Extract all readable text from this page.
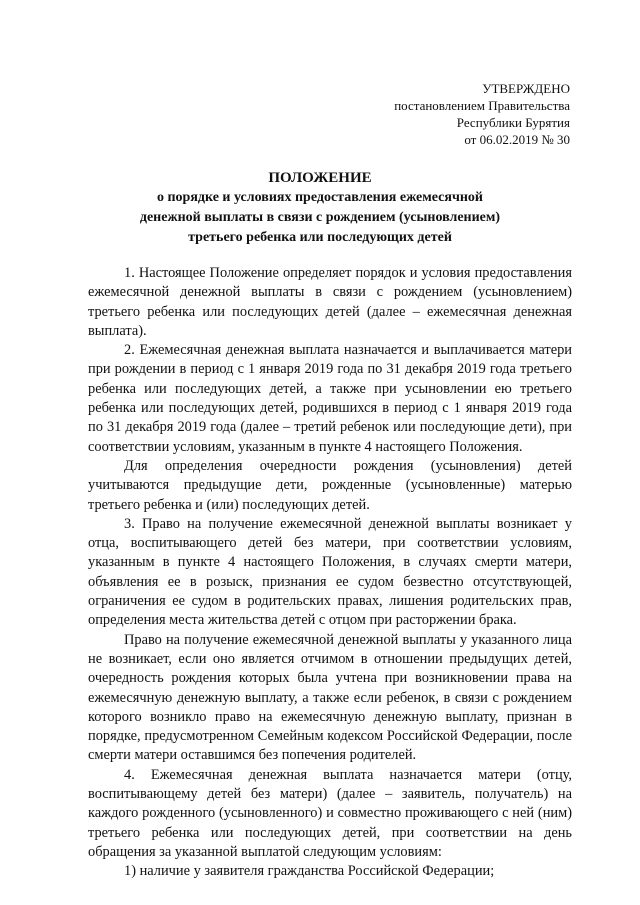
УТВЕРЖДЕНО
постановлением Правительства
Республики Бурятия
от 06.02.2019 № 30
ПОЛОЖЕНИЕ
о порядке и условиях предоставления ежемесячной
денежной выплаты в связи с рождением (усыновлением)
третьего ребенка или последующих детей

1. Настоящее Положение определяет порядок и условия предоставления ежемесячной денежной выплаты в связи с рождением (усыновлением) третьего ребенка или последующих детей (далее – ежемесячная денежная выплата).

2. Ежемесячная денежная выплата назначается и выплачивается матери при рождении в период с 1 января 2019 года по 31 декабря 2019 года третьего ребенка или последующих детей, а также при усыновлении ею третьего ребенка или последующих детей, родившихся в период с 1 января 2019 года по 31 декабря 2019 года (далее – третий ребенок или последующие дети), при соответствии условиям, указанным в пункте 4 настоящего Положения.

Для определения очередности рождения (усыновления) детей учитываются предыдущие дети, рожденные (усыновленные) матерью третьего ребенка и (или) последующих детей.

3. Право на получение ежемесячной денежной выплаты возникает у отца, воспитывающего детей без матери, при соответствии условиям, указанным в пункте 4 настоящего Положения, в случаях смерти матери, объявления ее в розыск, признания ее судом безвестно отсутствующей, ограничения ее судом в родительских правах, лишения родительских прав, определения места жительства детей с отцом при расторжении брака.

Право на получение ежемесячной денежной выплаты у указанного лица не возникает, если оно является отчимом в отношении предыдущих детей, очередность рождения которых была учтена при возникновении права на ежемесячную денежную выплату, а также если ребенок, в связи с рождением которого возникло право на ежемесячную денежную выплату, признан в порядке, предусмотренном Семейным кодексом Российской Федерации, после смерти матери оставшимся без попечения родителей.

4. Ежемесячная денежная выплата назначается матери (отцу, воспитывающему детей без матери) (далее – заявитель, получатель) на каждого рожденного (усыновленного) и совместно проживающего с ней (ним) третьего ребенка или последующих детей, при соответствии на день обращения за указанной выплатой следующим условиям:

1) наличие у заявителя гражданства Российской Федерации;
